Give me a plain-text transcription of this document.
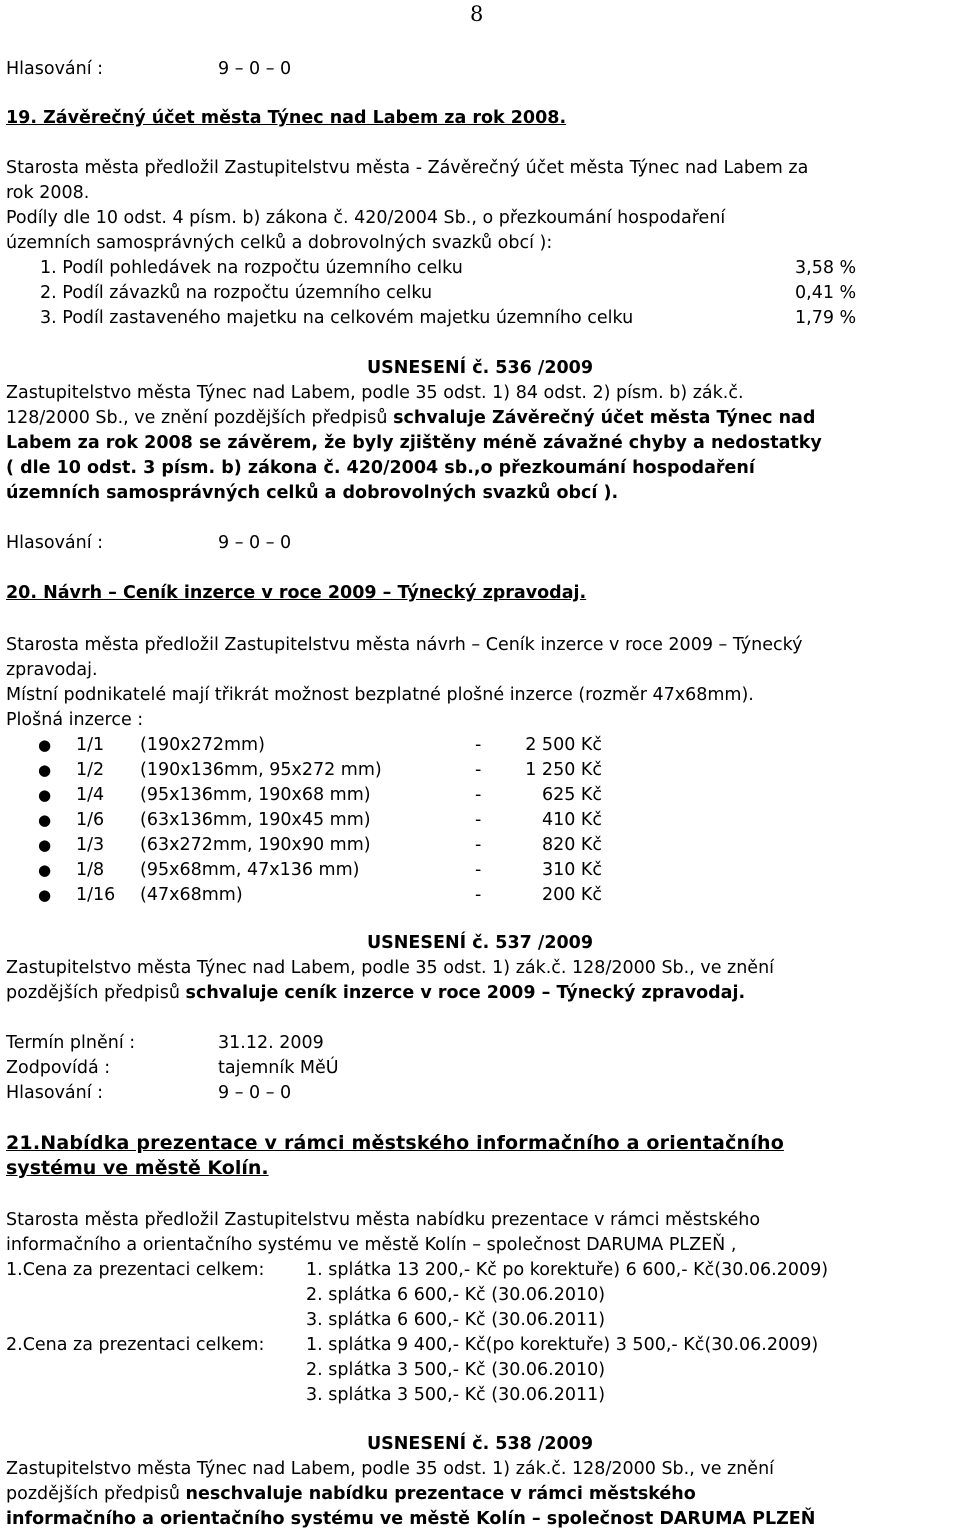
8
Hlasování :	9 – 0 – 0
19. Závěrečný účet města Týnec nad Labem za rok 2008.
Starosta města předložil Zastupitelstvu města - Závěrečný účet města Týnec nad Labem za
rok 2008.
Podíly dle 10 odst. 4 písm. b) zákona č. 420/2004 Sb., o přezkoumání hospodaření
územních samosprávných celků a dobrovolných svazků obcí ):
1. Podíl pohledávek na rozpočtu územního celku	3,58 %
2. Podíl závazků na rozpočtu územního celku	0,41 %
3. Podíl zastaveného majetku na celkovém majetku územního celku	1,79 %
USNESENÍ č. 536 /2009
Zastupitelstvo města Týnec nad Labem, podle 35 odst. 1) 84 odst. 2) písm. b) zák.č.
128/2000 Sb., ve znění pozdějších předpisů schvaluje Závěrečný účet města Týnec nad
Labem za rok 2008 se závěrem, že byly zjištěny méně závažné chyby a nedostatky
( dle 10 odst. 3 písm. b) zákona č. 420/2004 sb.,o přezkoumání hospodaření
územních samosprávných celků a dobrovolných svazků obcí ).
Hlasování :	9 – 0 – 0
20. Návrh – Ceník inzerce v roce 2009 – Týnecký zpravodaj.
Starosta města předložil Zastupitelstvu města návrh – Ceník inzerce v roce 2009 – Týnecký
zpravodaj.
Místní podnikatelé mají třikrát možnost bezplatné plošné inzerce (rozměr 47x68mm).
Plošná inzerce :
● 1/1 (190x272mm)	-	2 500 Kč
● 1/2 (190x136mm, 95x272 mm)	-	1 250 Kč
● 1/4 (95x136mm, 190x68 mm)	-	625 Kč
● 1/6 (63x136mm, 190x45 mm)	-	410 Kč
● 1/3 (63x272mm, 190x90 mm)	-	820 Kč
● 1/8 (95x68mm, 47x136 mm)	-	310 Kč
● 1/16 (47x68mm)	-	200 Kč
USNESENÍ č. 537 /2009
Zastupitelstvo města Týnec nad Labem, podle 35 odst. 1) zák.č. 128/2000 Sb., ve znění
pozdějších předpisů schvaluje ceník inzerce v roce 2009 – Týnecký zpravodaj.
Termín plnění :	31.12. 2009
Zodpovídá :	tajemník MěÚ
Hlasování :	9 – 0 – 0
21.Nabídka prezentace v rámci městského informačního a orientačního
systému ve městě Kolín.
Starosta města předložil Zastupitelstvu města nabídku prezentace v rámci městského
informačního a orientačního systému ve městě Kolín – společnost DARUMA PLZEŇ ,
1.Cena za prezentaci celkem: 1. splátka 13 200,- Kč po korektuře) 6 600,- Kč(30.06.2009)
2. splátka 6 600,- Kč (30.06.2010)
3. splátka 6 600,- Kč (30.06.2011)
2.Cena za prezentaci celkem: 1. splátka 9 400,- Kč(po korektuře) 3 500,- Kč(30.06.2009)
2. splátka 3 500,- Kč (30.06.2010)
3. splátka 3 500,- Kč (30.06.2011)
USNESENÍ č. 538 /2009
Zastupitelstvo města Týnec nad Labem, podle 35 odst. 1) zák.č. 128/2000 Sb., ve znění
pozdějších předpisů neschvaluje nabídku prezentace v rámci městského
informačního a orientačního systému ve městě Kolín – společnost DARUMA PLZEŇ
